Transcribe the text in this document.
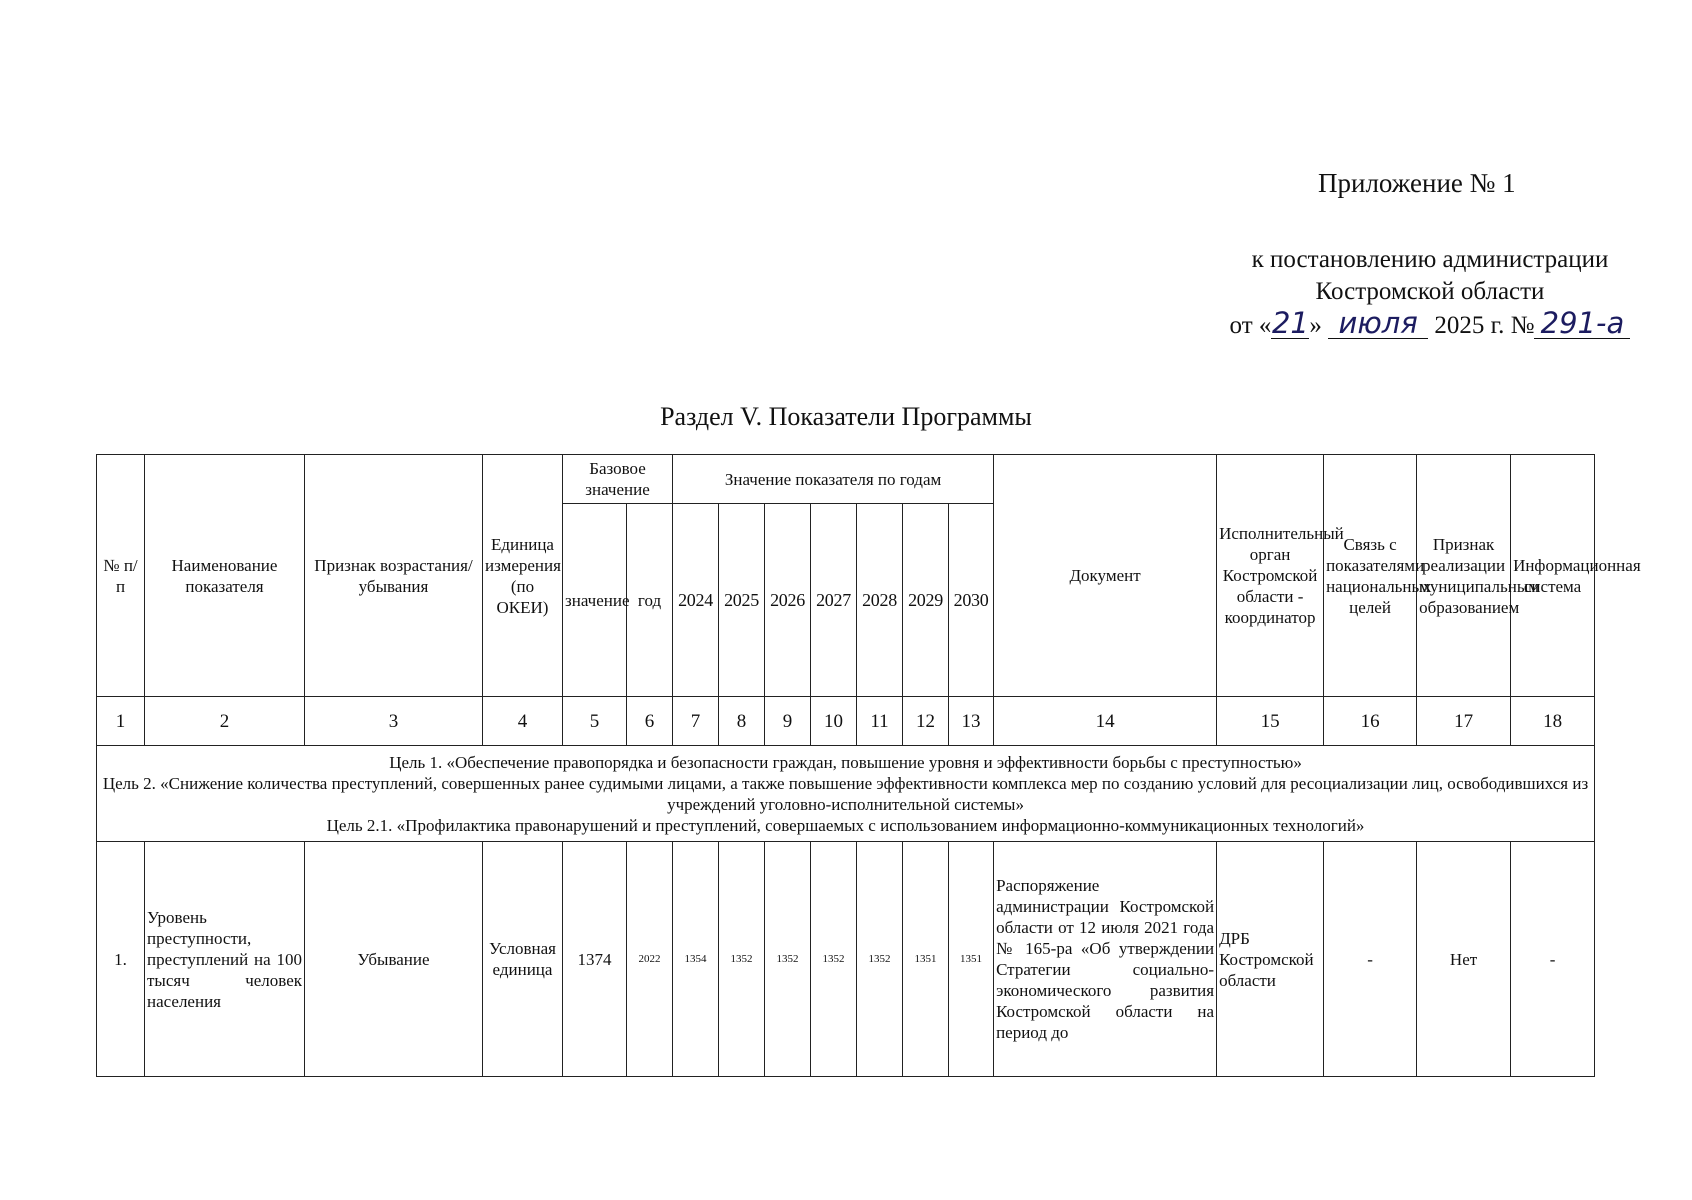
Приложение № 1
к постановлению администрации
Костромской области
от «21» июля 2025 г. № 291-а
Раздел V. Показатели Программы
№ п/п	Наименование показателя	Признак возрастания/ убывания	Единица измерения (по ОКЕИ)	Базовое значение		Значение показателя по годам							Документ	Исполнительный орган Костромской области - координатор	Связь с показателями национальных целей	Признак реализации муниципальным образованием	Информационная система
				значение	год	2024	2025	2026	2027	2028	2029	2030					
1	2	3	4	5	6	7	8	9	10	11	12	13	14	15	16	17	18

Цель 1. «Обеспечение правопорядка и безопасности граждан, повышение уровня и эффективности борьбы с преступностью»
Цель 2. «Снижение количества преступлений, совершенных ранее судимыми лицами, а также повышение эффективности комплекса мер по созданию условий для ресоциализации лиц, освободившихся из учреждений уголовно-исполнительной системы»
Цель 2.1. «Профилактика правонарушений и преступлений, совершаемых с использованием информационно-коммуникационных технологий»																	

1.	Уровень преступности, преступлений на 100 тысяч человек населения	Убывание	Условная единица	1374	2022	1354	1352	1352	1352	1352	1351	1351	Распоряжение администрации Костромской области от 12 июля 2021 года № 165-ра «Об утверждении Стратегии социально-экономического развития Костромской области на период до	ДРБ Костромской области	-	Нет	-
